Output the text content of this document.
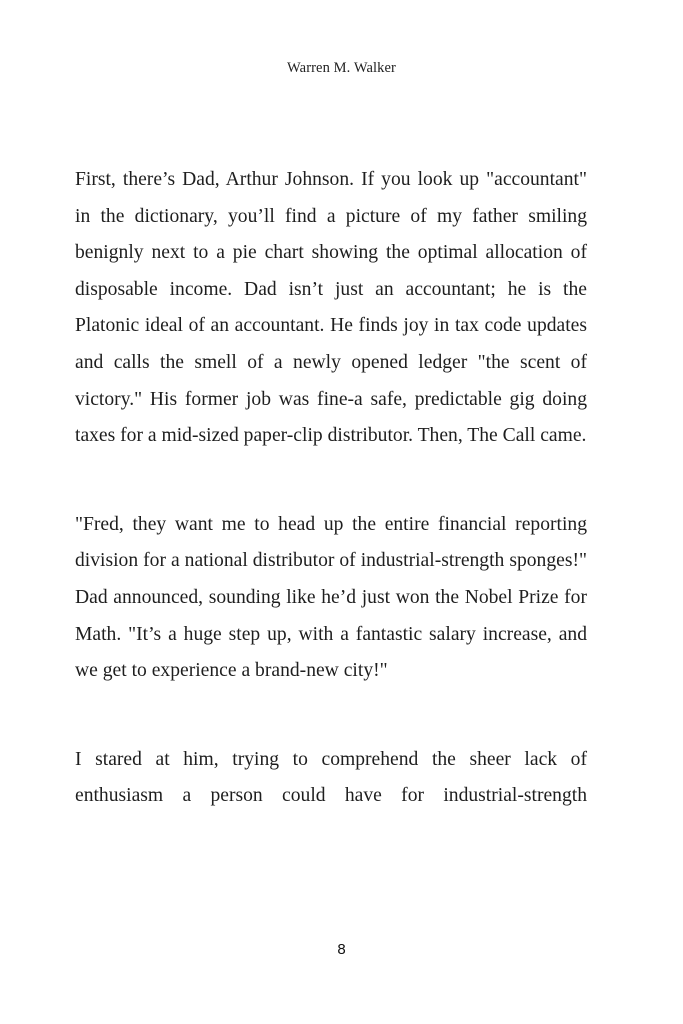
Warren M. Walker

First, there’s Dad, Arthur Johnson. If you look up "accountant" in the dictionary, you’ll find a picture of my father smiling benignly next to a pie chart showing the optimal allocation of disposable income. Dad isn’t just an accountant; he is the Platonic ideal of an accountant. He finds joy in tax code updates and calls the smell of a newly opened ledger "the scent of victory." His former job was fine-a safe, predictable gig doing taxes for a mid-sized paper-clip distributor. Then, The Call came.

"Fred, they want me to head up the entire financial reporting division for a national distributor of industrial-strength sponges!" Dad announced, sounding like he’d just won the Nobel Prize for Math. "It’s a huge step up, with a fantastic salary increase, and we get to experience a brand-new city!"

I stared at him, trying to comprehend the sheer lack of enthusiasm a person could have for industrial-strength

8
